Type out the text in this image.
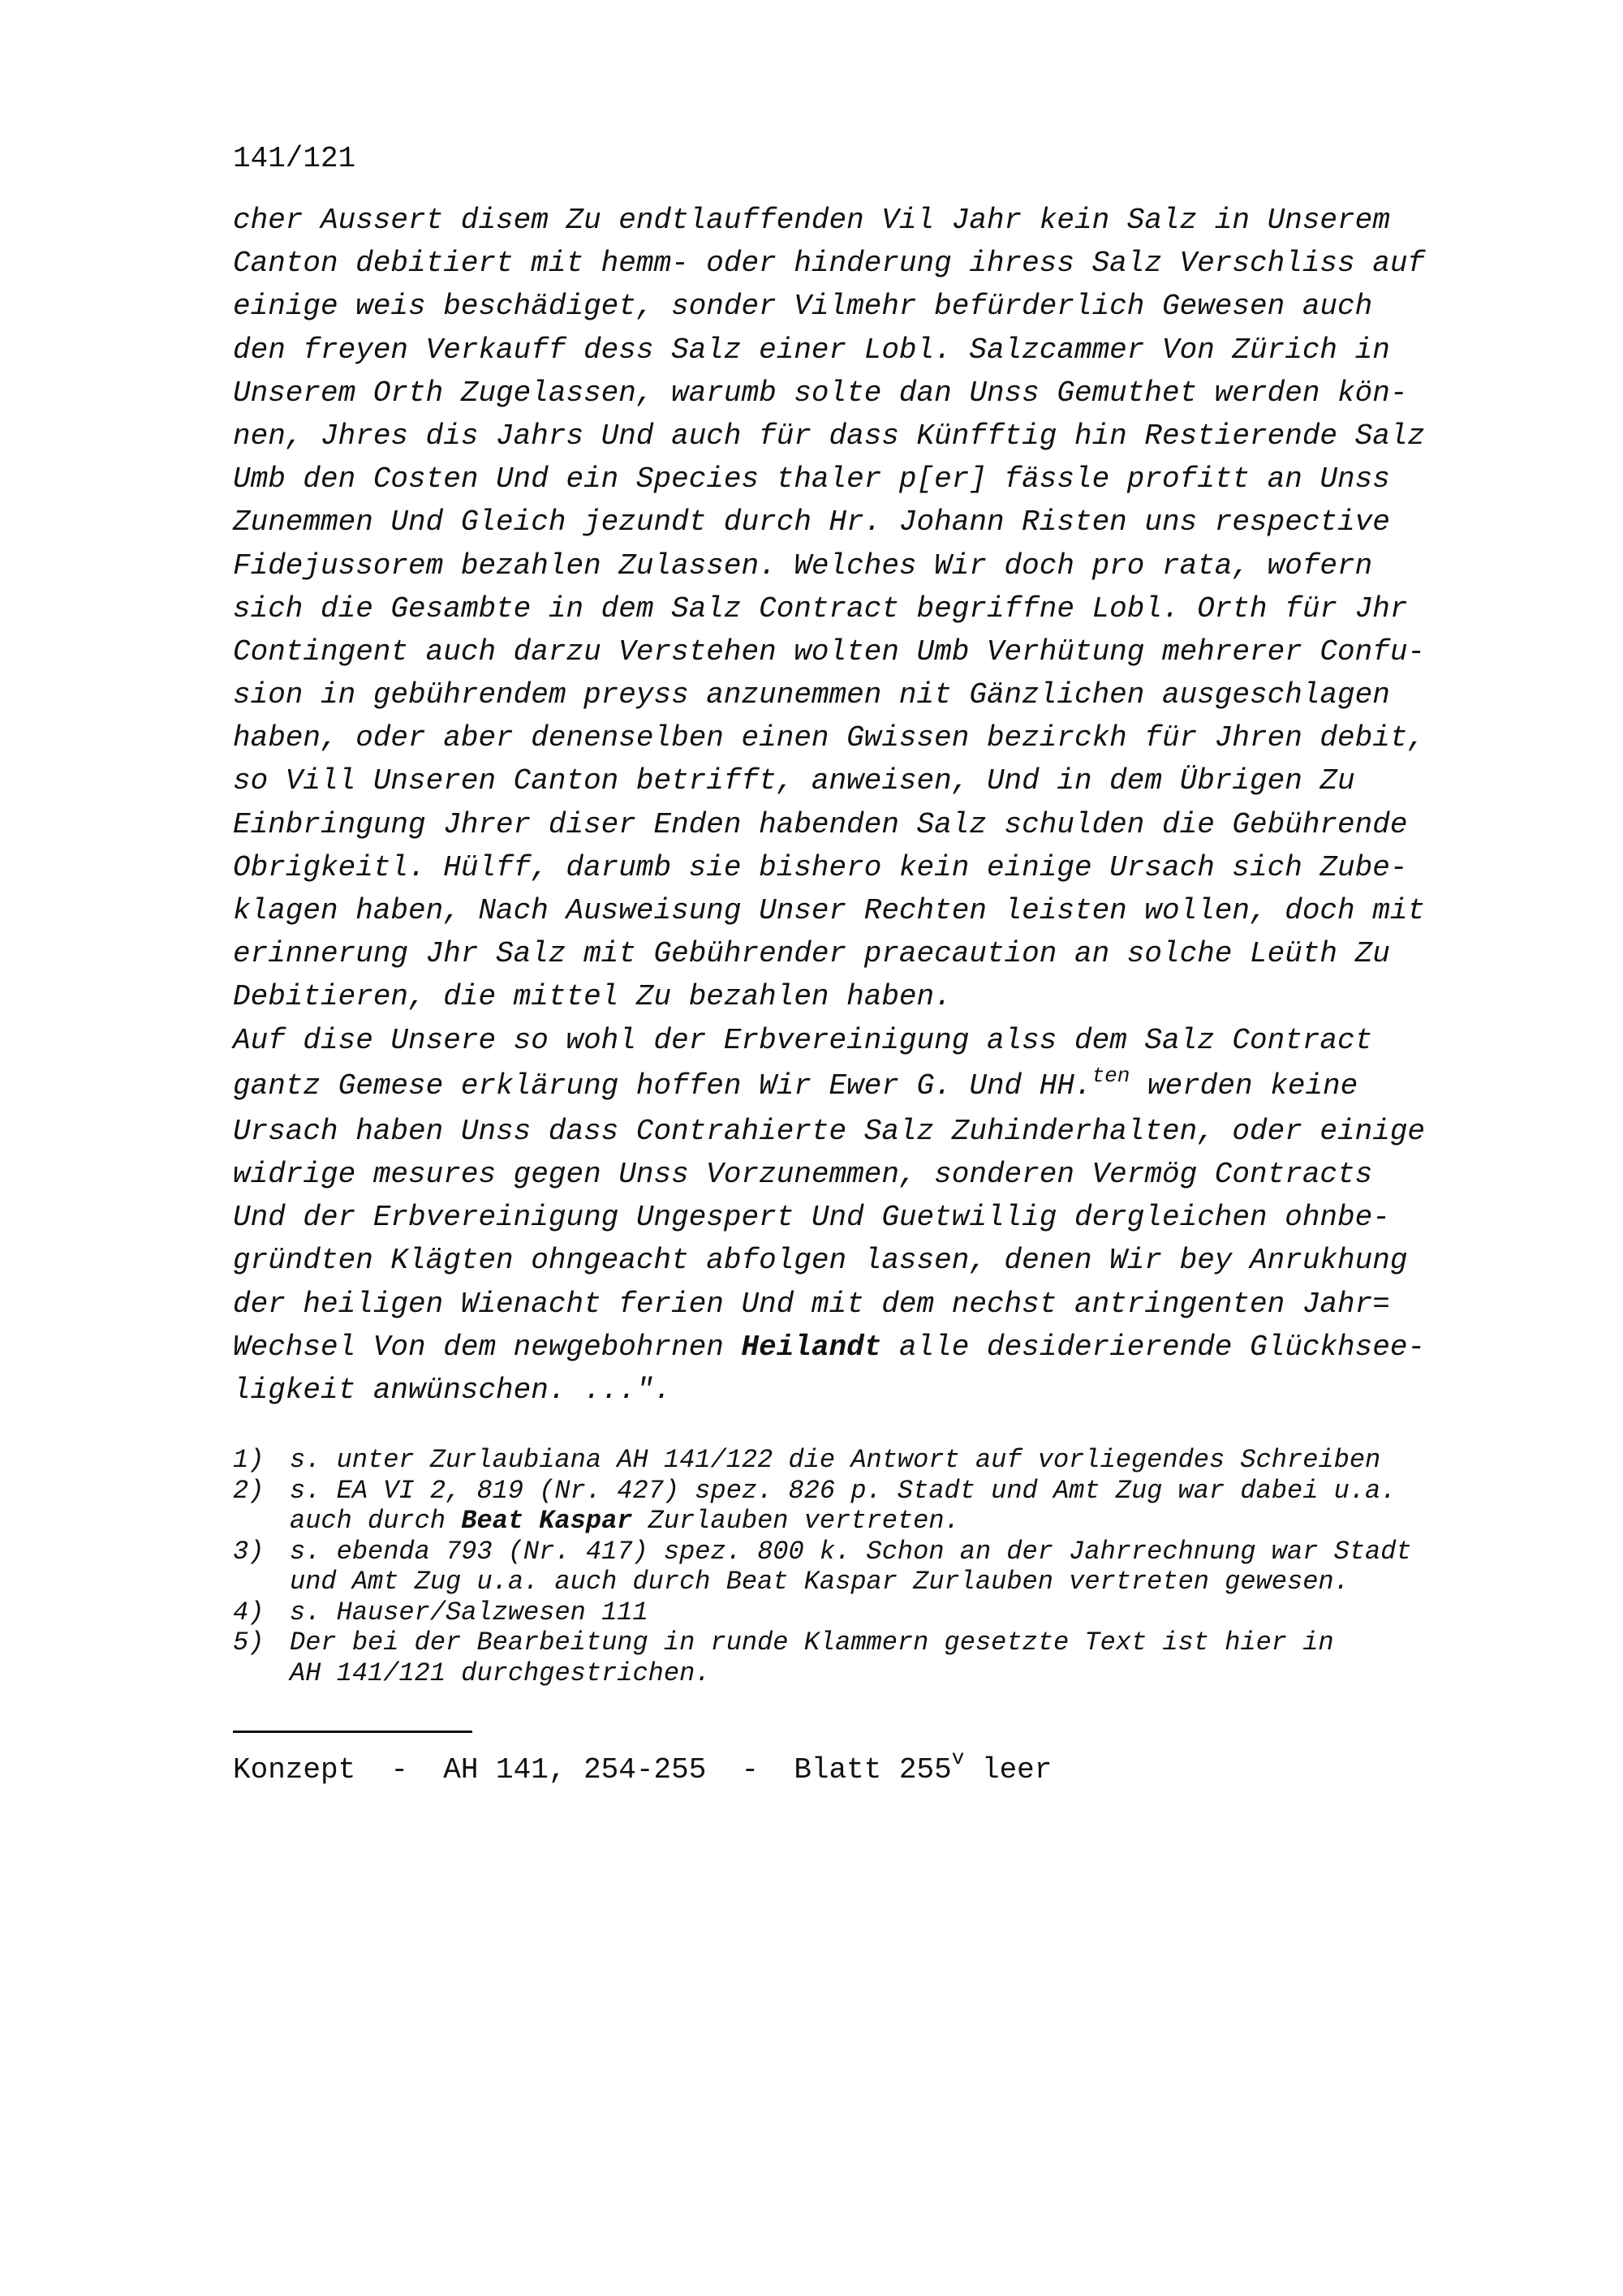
141/121
cher Aussert disem Zu endtlauffenden Vil Jahr kein Salz in Unserem
Canton debitiert mit hemm- oder hinderung ihress Salz Verschliss auf
einige weis beschädiget, sonder Vilmehr befürderlich Gewesen auch
den freyen Verkauff dess Salz einer Lobl. Salzcammer Von Zürich in
Unserem Orth Zugelassen, warumb solte dan Unss Gemuthet werden kön-
nen, Jhres dis Jahrs Und auch für dass Künfftig hin Restierende Salz
Umb den Costen Und ein Species thaler p[er] fässle profitt an Unss
Zunemmen Und Gleich jezundt durch Hr. Johann Risten uns respective
Fidejussorem bezahlen Zulassen. Welches Wir doch pro rata, wofern
sich die Gesambte in dem Salz Contract begriffne Lobl. Orth für Jhr
Contingent auch darzu Verstehen wolten Umb Verhütung mehrerer Confu-
sion in gebührendem preyss anzunemmen nit Gänzlichen ausgeschlagen
haben, oder aber denenselben einen Gwissen bezirckh für Jhren debit,
so Vill Unseren Canton betrifft, anweisen, Und in dem Übrigen Zu
Einbringung Jhrer diser Enden habenden Salz schulden die Gebührende
Obrigkeitl. Hülff, darumb sie bishero kein einige Ursach sich Zube-
klagen haben, Nach Ausweisung Unser Rechten leisten wollen, doch mit
erinnerung Jhr Salz mit Gebührender praecaution an solche Leüth Zu
Debitieren, die mittel Zu bezahlen haben.
Auf dise Unsere so wohl der Erbvereinigung alss dem Salz Contract
gantz Gemese erklärung hoffen Wir Ewer G. Und HH.$^{ten}$ werden keine
Ursach haben Unss dass Contrahierte Salz Zuhinderhalten, oder einige
widrige mesures gegen Unss Vorzunemmen, sonderen Vermög Contracts
Und der Erbvereinigung Ungespert Und Guetwillig dergleichen ohnbe-
gründten Klägten ohngeacht abfolgen lassen, denen Wir bey Anrukhung
der heiligen Wienacht ferien Und mit dem nechst antringenten Jahr=
Wechsel Von dem newgebohrnen Heilandt alle desiderierende Glückhsee-
ligkeit anwünschen. ...".
1) s. unter Zurlaubiana AH 141/122 die Antwort auf vorliegendes Schreiben
2) s. EA VI 2, 819 (Nr. 427) spez. 826 p. Stadt und Amt Zug war dabei u.a.
auch durch Beat Kaspar Zurlauben vertreten.
3) s. ebenda 793 (Nr. 417) spez. 800 k. Schon an der Jahrrechnung war Stadt
und Amt Zug u.a. auch durch Beat Kaspar Zurlauben vertreten gewesen.
4) s. Hauser/Salzwesen 111
5) Der bei der Bearbeitung in runde Klammern gesetzte Text ist hier in
AH 141/121 durchgestrichen.
Konzept  -  AH 141, 254-255  -  Blatt 255$^v$ leer
